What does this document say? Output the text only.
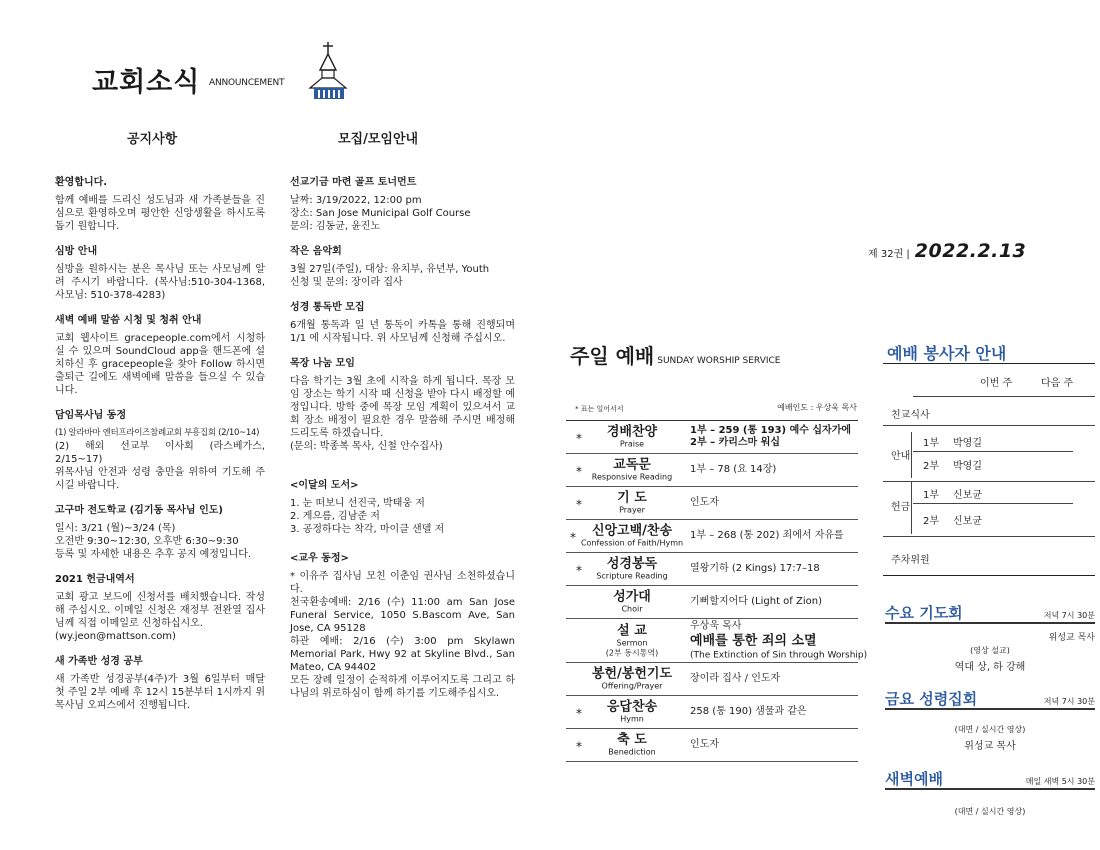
교회소식 ANNOUNCEMENT
공지사항	모집/모임안내
환영합니다.

함께 예배를 드리신 성도님과 새 가족분들을 진심으로 환영하오며 평안한 신앙생활을 하시도록 돕기 원합니다.

심방 안내

심방을 원하시는 분은 목사님 또는 사모님께 알려 주시기 바랍니다. (목사님:510-304-1368, 사모님: 510-378-4283)

새벽 예배 말씀 시청 및 청취 안내

교회 웹사이트 gracepeople.com에서 시청하실 수 있으며 SoundCloud app을 핸드폰에 설치하신 후 gracepeople을 찾아 Follow 하시면 출퇴근 길에도 새벽예배 말씀을 들으실 수 있습니다.

담임목사님 동정

(1) 알라바마 엔터프라이즈참례교회 부흥집회 (2/10~14)

(2) 해외 선교부 이사회 (라스베가스, 2/15~17)

위목사님 안전과 성령 충만을 위하여 기도해 주시길 바랍니다.

고구마 전도학교 (김기동 목사님 인도)

일시: 3/21 (월)~3/24 (목)

오전반 9:30~12:30, 오후반 6:30~9:30

등록 및 자세한 내용은 추후 공지 예정입니다.

2021 헌금내역서

교회 광고 보드에 신청서를 배치했습니다. 작성해 주십시오. 이메일 신청은 재정부 전완열 집사님께 직접 이메일로 신청하십시오.

(wy.jeon@mattson.com)

새 가족반 성경 공부

새 가족반 성경공부(4주)가 3월 6일부터 매달 첫 주일 2부 예배 후 12시 15분부터 1시까지 위목사님 오피스에서 진행됩니다.

선교기금 마련 골프 토너먼트

날짜: 3/19/2022, 12:00 pm

장소: San Jose Municipal Golf Course

문의: 김동균, 윤진노

작은 음악회

3월 27일(주일), 대상: 유치부, 유년부, Youth

신청 및 문의: 장이라 집사

성경 통독반 모집

6개월 통독과 일 년 통독이 카톡을 통해 진행되며 1/1 에 시작됩니다. 위 사모님께 신청해 주십시오.

목장 나눔 모임

다음 학기는 3월 초에 시작을 하게 됩니다. 목장 모임 장소는 학기 시작 때 신청을 받아 다시 배정할 예정입니다. 방학 중에 목장 모임 계획이 있으셔서 교회 장소 배정이 필요한 경우 말씀해 주시면 배정해 드리도록 하겠습니다.

(문의: 박종복 목사, 신철 안수집사)

<이달의 도서>

1. 눈 떠보니 선진국, 박태웅 저

2. 게으름, 김남준 저

3. 공정하다는 착각, 마이클 샌델 저

<교우 동정>

* 이유주 집사님 모친 이춘임 권사님 소천하셨습니다.

천국환송예배: 2/16 (수) 11:00 am San Jose Funeral Service, 1050 S.Bascom Ave, San Jose, CA 95128

하관 예배: 2/16 (수) 3:00 pm Skylawn Memorial Park, Hwy 92 at Skyline Blvd., San Mateo, CA 94402

모든 장례 일정이 순적하게 이루어지도록 그리고 하나님의 위로하심이 함께 하기를 기도해주십시오.

제 32권 | 2022.2.13
주일 예배 SUNDAY WORSHIP SERVICE
* 표는 일어서서	예배인도 : 우상욱 목사
*	경배찬양
Praise
1부 – 259 (통 193) 예수 십자가에
2부 – 카리스마 워십
*	교독문
Responsive Reading
1부 – 78 (요 14장)
*	기 도
Prayer
인도자
*	신앙고백/찬송
Confession of Faith/Hymn
1부 – 268 (통 202) 죄에서 자유를
*	성경봉독
Scripture Reading
열왕기하 (2 Kings) 17:7–18
성가대
Choir
기뻐할지어다 (Light of Zion)
설 교
Sermon
(2부 동시통역)
우상욱 목사
예배를 통한 죄의 소멸
(The Extinction of Sin through Worship)
봉헌/봉헌기도
Offering/Prayer
장이라 집사 / 인도자
*	응답찬송
Hymn
258 (통 190) 샘물과 같은
*	축 도
Benediction
인도자
예배 봉사자 안내
이번 주	다음 주
친교식사
안내
1부 박영길
2부 박영길
헌금
1부 신보균
2부 신보균
주차위원
수요 기도회	저녁 7시 30분
위성교 목사
(영상 설교)
역대 상, 하 강해
금요 성령집회	저녁 7시 30분
(대면 / 실시간 영상)
위성교 목사
새벽예배	매일 새벽 5시 30분
(대면 / 실시간 영상)
